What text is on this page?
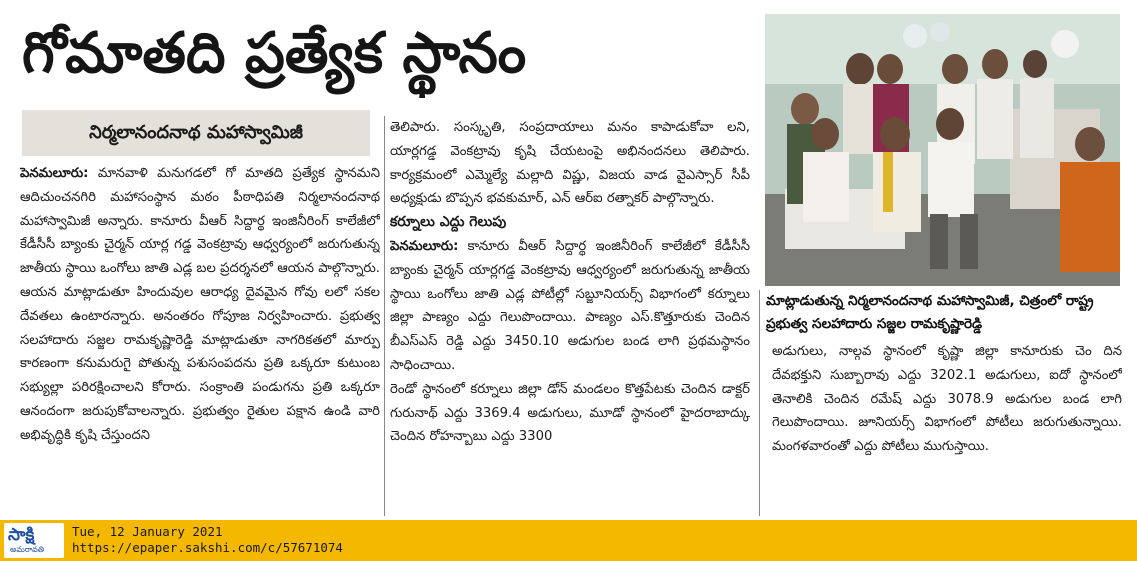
గోమాతది ప్రత్యేక స్థానం
నిర్మలానందనాథ మహాస్వామిజీ

పెనమలూరు: మానవాళి మనుగడలో గో మాతది ప్రత్యేక స్థానమని ఆదిచుంచనగిరి మహాసంస్థాన మఠం పీఠాధిపతి నిర్మలానందనాథ మహాస్వామిజీ అన్నారు. కానూరు వీఆర్ సిద్దార్థ ఇంజినీరింగ్ కాలేజీలో కేడీసీసీ బ్యాంకు చైర్మన్ యార్ల గడ్డ వెంకట్రావు ఆధ్వర్యంలో జరుగుతున్న జాతీయ స్థాయి ఒంగోలు జాతి ఎడ్ల బల ప్రదర్శనలో ఆయన పాల్గొన్నారు. ఆయన మాట్లాడుతూ హిందువుల ఆరాధ్య దైవమైన గోవు లలో సకల దేవతలు ఉంటారన్నారు. అనంతరం గోపూజ నిర్వహించారు. ప్రభుత్వ సలహాదారు సజ్జల రామకృష్ణారెడ్డి మాట్లాడుతూ నాగరికతలో మార్పు కారణంగా కనుమరుగై పోతున్న పశుసంపదను ప్రతి ఒక్కరూ కుటుంబ సభ్యుల్లా పరిరక్షించాలని కోరారు. సంక్రాంతి పండుగను ప్రతి ఒక్కరూ ఆనందంగా జరుపుకోవాలన్నారు. ప్రభుత్వం రైతుల పక్షాన ఉండి వారి అభివృద్ధికి కృషి చేస్తుందని

తెలిపారు. సంస్కృతి, సంప్రదాయాలు మనం కాపాడుకోవా లని, యార్లగడ్డ వెంకట్రావు కృషి చేయటంపై అభినందనలు తెలిపారు. కార్యక్రమంలో ఎమ్మెల్యే మల్లాది విష్ణు, విజయ వాడ వైఎస్సార్ సీపీ అధ్యక్షుడు బొప్పన భవకుమార్, ఎన్ ఆర్ఐ రత్నాకర్ పాల్గొన్నారు.

కర్నూలు ఎద్దు గెలుపు

పెనమలూరు: కానూరు వీఆర్ సిద్దార్థ ఇంజినీరింగ్ కాలేజీలో కేడీసీసీ బ్యాంకు చైర్మన్ యార్లగడ్డ వెంకట్రావు ఆధ్వర్యంలో జరుగుతున్న జాతీయ స్థాయి ఒంగోలు జాతి ఎడ్ల పోటీల్లో సబ్జూనియర్స్ విభాగంలో కర్నూలు జిల్లా పాణ్యం ఎద్దు గెలుపొందాయి. పాణ్యం ఎస్.కొత్తూరుకు చెందిన బీఎస్ఎస్ రెడ్డి ఎద్దు 3450.10 అడుగుల బండ లాగి ప్రథమస్థానం సాధించాయి.

రెండో స్థానంలో కర్నూలు జిల్లా డోన్ మండలం కొత్తపేటకు చెందిన డాక్టర్ గురునాథ్ ఎద్దు 3369.4 అడుగులు, మూడో స్థానంలో హైదరాబాద్కు చెందిన రోహన్బాబు ఎద్దు 3300

మాట్లాడుతున్న నిర్మలానందనాథ మహాస్వామిజీ, చిత్రంలో రాష్ట్ర ప్రభుత్వ సలహాదారు సజ్జల రామకృష్ణారెడ్డి

అడుగులు, నాల్గవ స్థానంలో కృష్ణా జిల్లా కానూరుకు చెం దిన దేవభక్తుని సుబ్బారావు ఎద్దు 3202.1 అడుగులు, ఐదో స్థానంలో తెనాలికి చెందిన రమేష్ ఎద్దు 3078.9 అడుగుల బండ లాగి గెలుపొందాయి. జూనియర్స్ విభాగంలో పోటీలు జరుగుతున్నాయి. మంగళవారంతో ఎద్దు పోటీలు ముగుస్తాయి.

సాక్షి
అమరావతి
Tue, 12 January 2021
https://epaper.sakshi.com/c/57671074
